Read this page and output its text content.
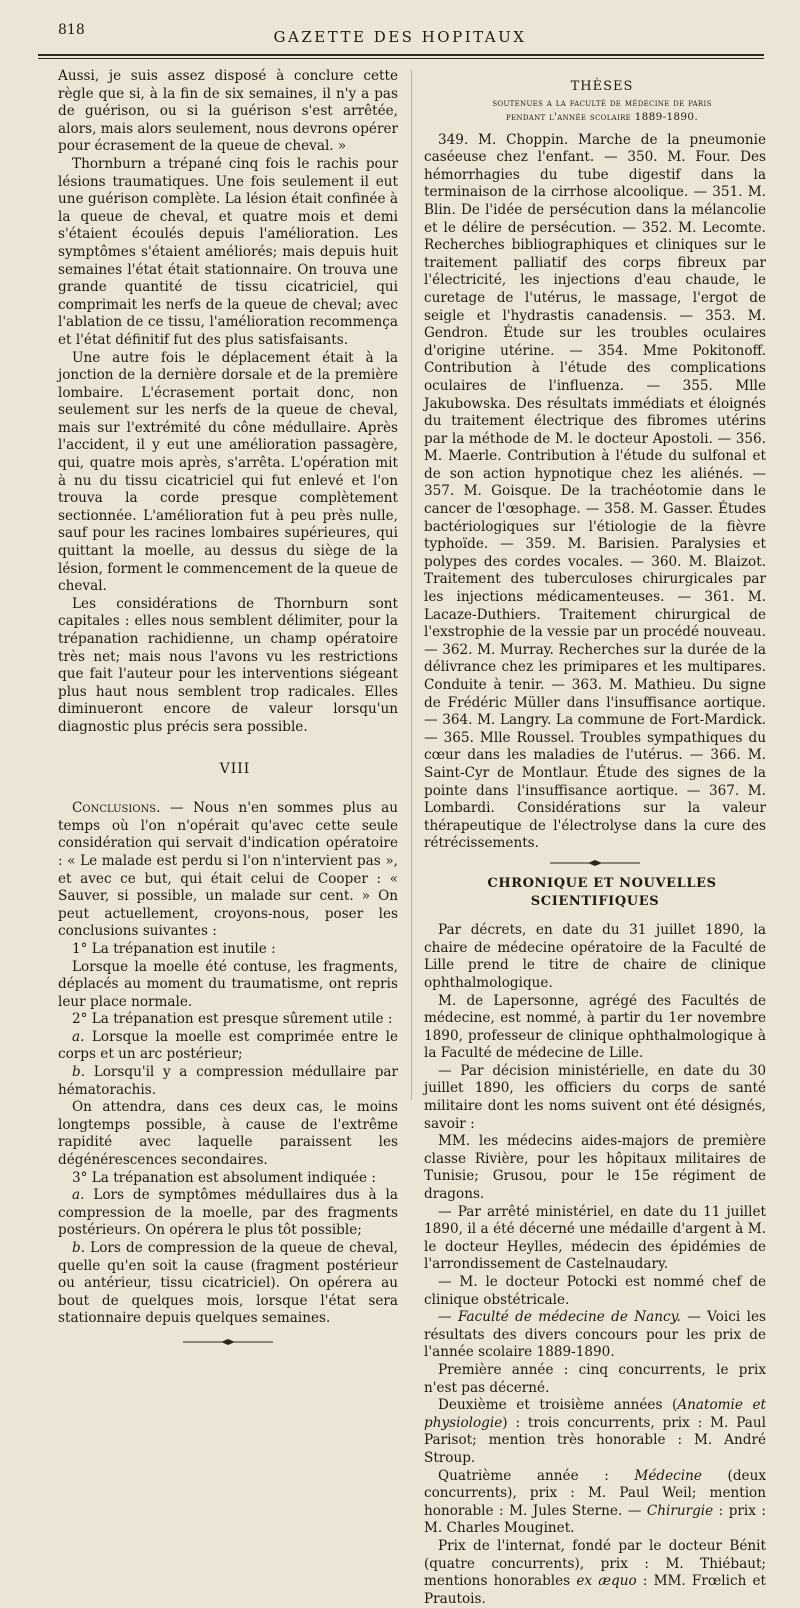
818	GAZETTE DES HOPITAUX

Aussi, je suis assez disposé à conclure cette règle que si, à la fin de six semaines, il n'y a pas de guérison, ou si la guérison s'est arrêtée, alors, mais alors seulement, nous devrons opérer pour écrasement de la queue de cheval. »

Thornburn a trépané cinq fois le rachis pour lésions traumatiques. Une fois seulement il eut une guérison complète. La lésion était confinée à la queue de cheval, et quatre mois et demi s'étaient écoulés depuis l'amélioration. Les symptômes s'étaient améliorés; mais depuis huit semaines l'état était stationnaire. On trouva une grande quantité de tissu cicatriciel, qui comprimait les nerfs de la queue de cheval; avec l'ablation de ce tissu, l'amélioration recommença et l'état définitif fut des plus satisfaisants.

Une autre fois le déplacement était à la jonction de la dernière dorsale et de la première lombaire. L'écrasement portait donc, non seulement sur les nerfs de la queue de cheval, mais sur l'extrémité du cône médullaire. Après l'accident, il y eut une amélioration passagère, qui, quatre mois après, s'arrêta. L'opération mit à nu du tissu cicatriciel qui fut enlevé et l'on trouva la corde presque complètement sectionnée. L'amélioration fut à peu près nulle, sauf pour les racines lombaires supérieures, qui quittant la moelle, au dessus du siège de la lésion, forment le commencement de la queue de cheval.

Les considérations de Thornburn sont capitales : elles nous semblent délimiter, pour la trépanation rachidienne, un champ opératoire très net; mais nous l'avons vu les restrictions que fait l'auteur pour les interventions siégeant plus haut nous semblent trop radicales. Elles diminueront encore de valeur lorsqu'un diagnostic plus précis sera possible.

VIII

Conclusions. — Nous n'en sommes plus au temps où l'on n'opérait qu'avec cette seule considération qui servait d'indication opératoire : « Le malade est perdu si l'on n'intervient pas », et avec ce but, qui était celui de Cooper : « Sauver, si possible, un malade sur cent. » On peut actuellement, croyons-nous, poser les conclusions suivantes :

1° La trépanation est inutile :

Lorsque la moelle été contuse, les fragments, déplacés au moment du traumatisme, ont repris leur place normale.

2° La trépanation est presque sûrement utile :

a. Lorsque la moelle est comprimée entre le corps et un arc postérieur;

b. Lorsqu'il y a compression médullaire par hématorachis.

On attendra, dans ces deux cas, le moins longtemps possible, à cause de l'extrême rapidité avec laquelle paraissent les dégénérescences secondaires.

3° La trépanation est absolument indiquée :

a. Lors de symptômes médullaires dus à la compression de la moelle, par des fragments postérieurs. On opérera le plus tôt possible;

b. Lors de compression de la queue de cheval, quelle qu'en soit la cause (fragment postérieur ou antérieur, tissu cicatriciel). On opérera au bout de quelques mois, lorsque l'état sera stationnaire depuis quelques semaines.

THÈSES

soutenues a la faculté de médecine de paris

pendant l'année scolaire 1889-1890.

349. M. Choppin. Marche de la pneumonie caséeuse chez l'enfant. — 350. M. Four. Des hémorrhagies du tube digestif dans la terminaison de la cirrhose alcoolique. — 351. M. Blin. De l'idée de persécution dans la mélancolie et le délire de persécution. — 352. M. Lecomte. Recherches bibliographiques et cliniques sur le traitement palliatif des corps fibreux par l'électricité, les injections d'eau chaude, le curetage de l'utérus, le massage, l'ergot de seigle et l'hydrastis canadensis. — 353. M. Gendron. Étude sur les troubles oculaires d'origine utérine. — 354. Mme Pokitonoff. Contribution à l'étude des complications oculaires de l'influenza. — 355. Mlle Jakubowska. Des résultats immédiats et éloignés du traitement électrique des fibromes utérins par la méthode de M. le docteur Apostoli. — 356. M. Maerle. Contribution à l'étude du sulfonal et de son action hypnotique chez les aliénés. — 357. M. Goisque. De la trachéotomie dans le cancer de l'œsophage. — 358. M. Gasser. Études bactériologiques sur l'étiologie de la fièvre typhoïde. — 359. M. Barisien. Paralysies et polypes des cordes vocales. — 360. M. Blaizot. Traitement des tuberculoses chirurgicales par les injections médicamenteuses. — 361. M. Lacaze-Duthiers. Traitement chirurgical de l'exstrophie de la vessie par un procédé nouveau. — 362. M. Murray. Recherches sur la durée de la délivrance chez les primipares et les multipares. Conduite à tenir. — 363. M. Mathieu. Du signe de Frédéric Müller dans l'insuffisance aortique. — 364. M. Langry. La commune de Fort-Mardick. — 365. Mlle Roussel. Troubles sympathiques du cœur dans les maladies de l'utérus. — 366. M. Saint-Cyr de Montlaur. Étude des signes de la pointe dans l'insuffisance aortique. — 367. M. Lombardi. Considérations sur la valeur thérapeutique de l'électrolyse dans la cure des rétrécissements.

CHRONIQUE ET NOUVELLES SCIENTIFIQUES

Par décrets, en date du 31 juillet 1890, la chaire de médecine opératoire de la Faculté de Lille prend le titre de chaire de clinique ophthalmologique.

M. de Lapersonne, agrégé des Facultés de médecine, est nommé, à partir du 1er novembre 1890, professeur de clinique ophthalmologique à la Faculté de médecine de Lille.

— Par décision ministérielle, en date du 30 juillet 1890, les officiers du corps de santé militaire dont les noms suivent ont été désignés, savoir :

MM. les médecins aides-majors de première classe Rivière, pour les hôpitaux militaires de Tunisie; Grusou, pour le 15e régiment de dragons.

— Par arrêté ministériel, en date du 11 juillet 1890, il a été décerné une médaille d'argent à M. le docteur Heylles, médecin des épidémies de l'arrondissement de Castelnaudary.

— M. le docteur Potocki est nommé chef de clinique obstétricale.

— Faculté de médecine de Nancy. — Voici les résultats des divers concours pour les prix de l'année scolaire 1889-1890.

Première année : cinq concurrents, le prix n'est pas décerné.

Deuxième et troisième années (Anatomie et physiologie) : trois concurrents, prix : M. Paul Parisot; mention très honorable : M. André Stroup.

Quatrième année : Médecine (deux concurrents), prix : M. Paul Weil; mention honorable : M. Jules Sterne. — Chirurgie : prix : M. Charles Mouginet.

Prix de l'internat, fondé par le docteur Bénit (quatre concurrents), prix : M. Thiébaut; mentions honorables ex æquo : MM. Frœlich et Prautois.
